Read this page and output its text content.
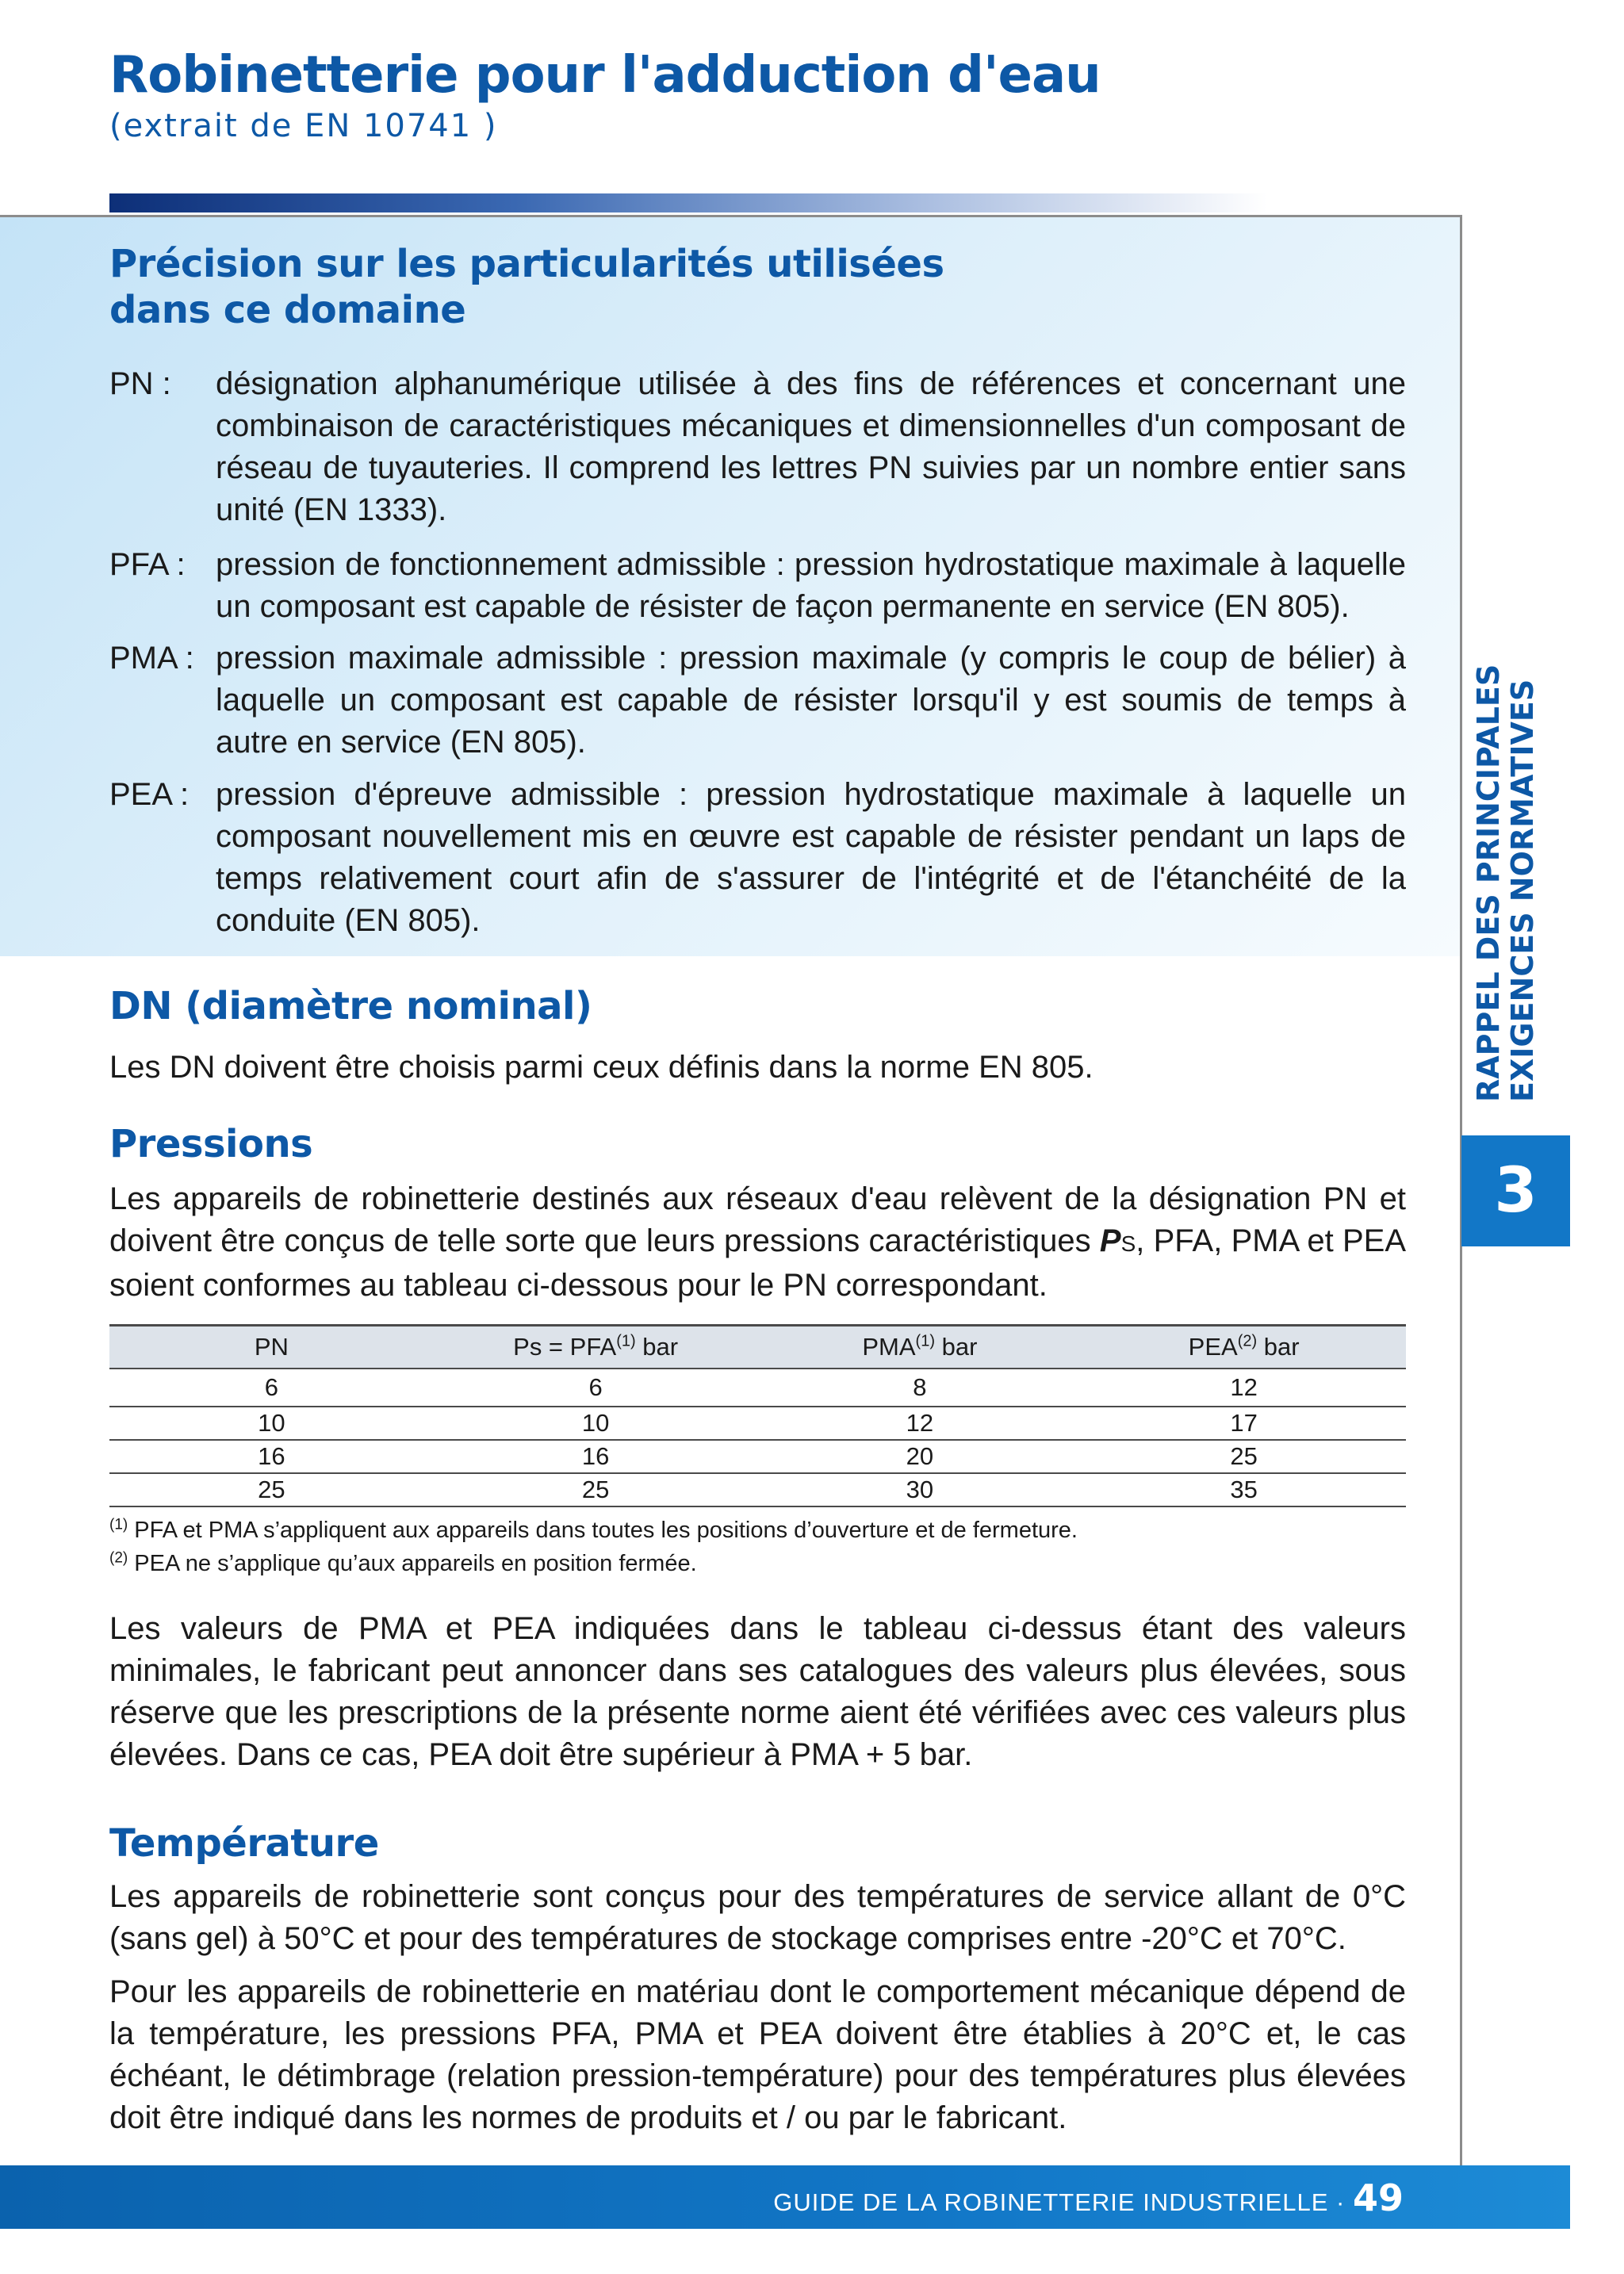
Robinetterie pour l'adduction d'eau
(extrait de EN 10741 )
Précision sur les particularités utilisées
dans ce domaine
PN :	désignation alphanumérique utilisée à des fins de références et concernant une combinaison de caractéristiques mécaniques et dimensionnelles d'un composant de réseau de tuyauteries. Il comprend les lettres PN suivies par un nombre entier sans unité (EN 1333).
PFA : pression de fonctionnement admissible : pression hydrostatique maximale à laquelle un composant est capable de résister de façon permanente en service (EN 805).
PMA : pression maximale admissible : pression maximale (y compris le coup de bélier) à laquelle un composant est capable de résister lorsqu'il y est soumis de temps à autre en service (EN 805).
PEA : pression d'épreuve admissible : pression hydrostatique maximale à laquelle un composant nouvellement mis en œuvre est capable de résister pendant un laps de temps relativement court afin de s'assurer de l'intégrité et de l'étanchéité de la conduite (EN 805).
DN (diamètre nominal)

Les DN doivent être choisis parmi ceux définis dans la norme EN 805.

Pressions

Les appareils de robinetterie destinés aux réseaux d'eau relèvent de la désignation PN et doivent être conçus de telle sorte que leurs pressions caractéristiques PS, PFA, PMA et PEA soient conformes au tableau ci-dessous pour le PN correspondant.

PN	$Ps = PFA^{(1)}$ bar	PMA$^{(1)}$ bar	PEA$^{(2)}$ bar
6	6	8	12
10	10	12	17
16	16	20	25
25	25	30	35
$^{(1)}$ PFA et PMA s’appliquent aux appareils dans toutes les positions d’ouverture et de fermeture.
$^{(2)}$ PEA ne s’applique qu’aux appareils en position fermée.

Les valeurs de PMA et PEA indiquées dans le tableau ci-dessus étant des valeurs minimales, le fabricant peut annoncer dans ses catalogues des valeurs plus élevées, sous réserve que les prescriptions de la présente norme aient été vérifiées avec ces valeurs plus élevées. Dans ce cas, PEA doit être supérieur à PMA + 5 bar.

Température

Les appareils de robinetterie sont conçus pour des températures de service allant de 0°C (sans gel) à 50°C et pour des températures de stockage comprises entre -20°C et 70°C.

Pour les appareils de robinetterie en matériau dont le comportement mécanique dépend de la température, les pressions PFA, PMA et PEA doivent être établies à 20°C et, le cas échéant, le détimbrage (relation pression-température) pour des températures plus élevées doit être indiqué dans les normes de produits et / ou par le fabricant.

RAPPEL DES PRINCIPALES EXIGENCES NORMATIVES
3
GUIDE DE LA ROBINETTERIE INDUSTRIELLE · 49
